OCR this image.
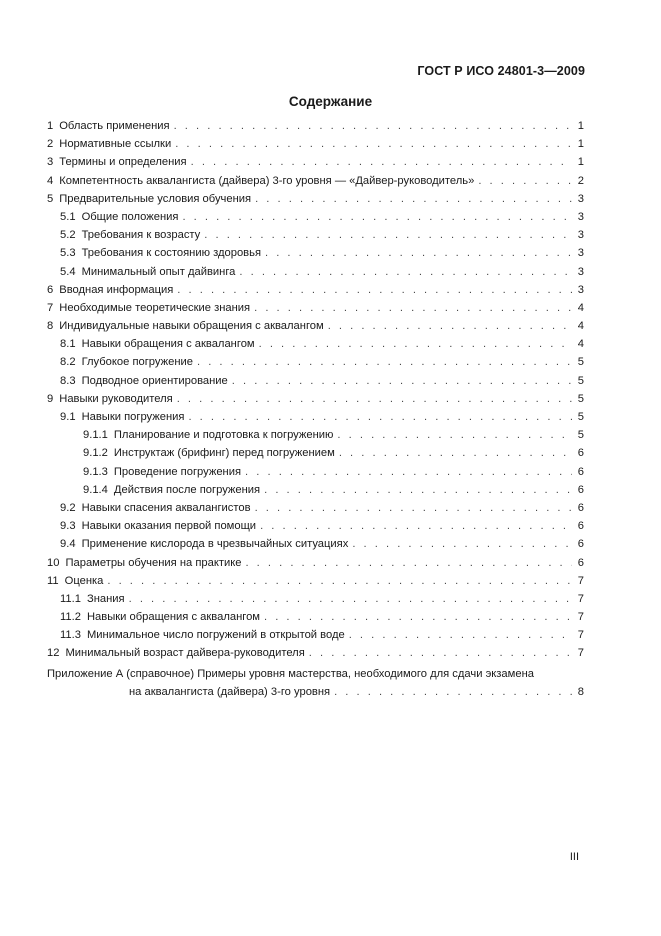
ГОСТ Р ИСО 24801-3—2009
Содержание
1 Область применения . . .	1
2 Нормативные ссылки . . .	1
3 Термины и определения . . .	1
4 Компетентность аквалангиста (дайвера) 3-го уровня — «Дайвер-руководитель» . . .	2
5 Предварительные условия обучения . . .	3
5.1 Общие положения . . .	3
5.2 Требования к возрасту . . .	3
5.3 Требования к состоянию здоровья . . .	3
5.4 Минимальный опыт дайвинга . . .	3
6 Вводная информация . . .	3
7 Необходимые теоретические знания . . .	4
8 Индивидуальные навыки обращения с аквалангом . . .	4
8.1 Навыки обращения с аквалангом . . .	4
8.2 Глубокое погружение . . .	5
8.3 Подводное ориентирование . . .	5
9 Навыки руководителя . . .	5
9.1 Навыки погружения . . .	5
9.1.1 Планирование и подготовка к погружению . . .	5
9.1.2 Инструктаж (брифинг) перед погружением . . .	6
9.1.3 Проведение погружения . . .	6
9.1.4 Действия после погружения . . .	6
9.2 Навыки спасения аквалангистов . . .	6
9.3 Навыки оказания первой помощи . . .	6
9.4 Применение кислорода в чрезвычайных ситуациях . . .	6
10 Параметры обучения на практике . . .	6
11 Оценка . . .	7
11.1 Знания . . .	7
11.2 Навыки обращения с аквалангом . . .	7
11.3 Минимальное число погружений в открытой воде . . .	7
12 Минимальный возраст дайвера-руководителя . . .	7
Приложение А (справочное) Примеры уровня мастерства, необходимого для сдачи экзамена
на аквалангиста (дайвера) 3-го уровня . . .	8
III
